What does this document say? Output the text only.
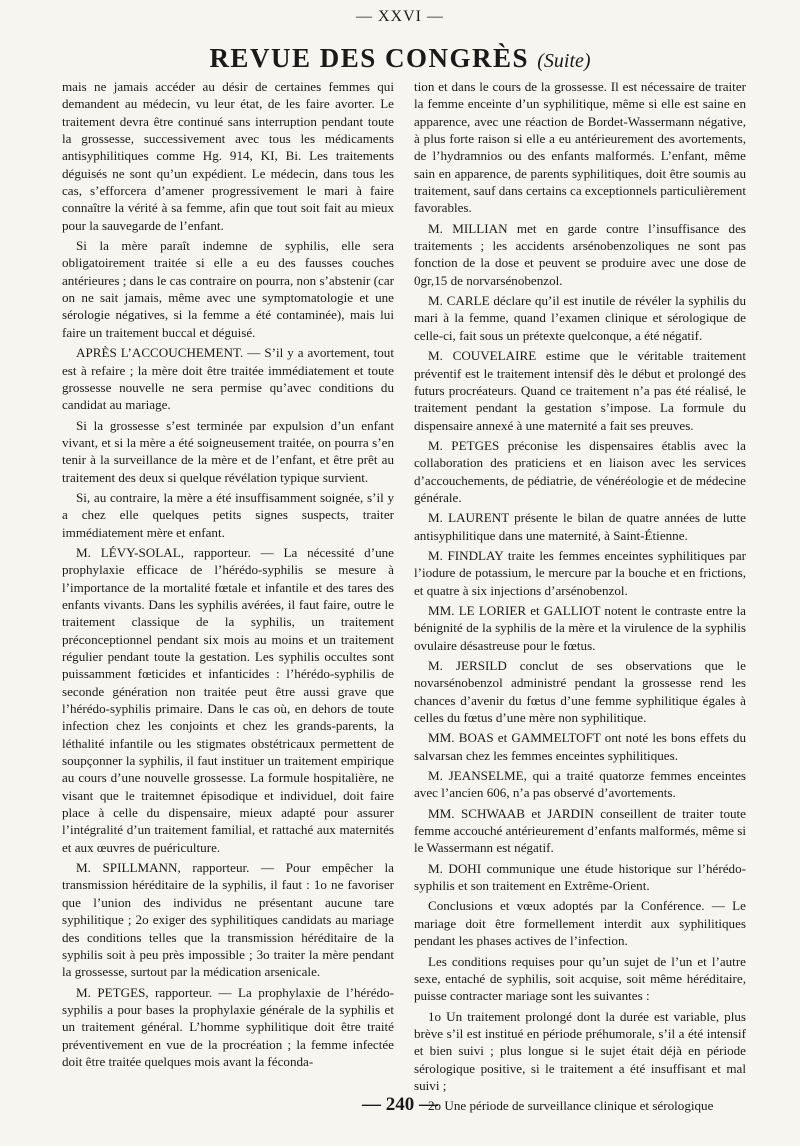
— XXVI —
REVUE DES CONGRÈS (Suite)

mais ne jamais accéder au désir de certaines femmes qui demandent au médecin, vu leur état, de les faire avorter. Le traitement devra être continué sans interruption pendant toute la grossesse, successivement avec tous les médicaments antisyphilitiques comme Hg. 914, KI, Bi. Les traitements déguisés ne sont qu’un expédient. Le médecin, dans tous les cas, s’efforcera d’amener progressivement le mari à faire connaître la vérité à sa femme, afin que tout soit fait au mieux pour la sauvegarde de l’enfant.

Si la mère paraît indemne de syphilis, elle sera obligatoirement traitée si elle a eu des fausses couches antérieures ; dans le cas contraire on pourra, non s’abstenir (car on ne sait jamais, même avec une symptomatologie et une sérologie négatives, si la femme a été contaminée), mais lui faire un traitement buccal et déguisé.

APRÈS L’ACCOUCHEMENT. — S’il y a avortement, tout est à refaire ; la mère doit être traitée immédiatement et toute grossesse nouvelle ne sera permise qu’avec conditions du candidat au mariage.

Si la grossesse s’est terminée par expulsion d’un enfant vivant, et si la mère a été soigneusement traitée, on pourra s’en tenir à la surveillance de la mère et de l’enfant, et être prêt au traitement des deux si quelque révélation typique survient.

Si, au contraire, la mère a été insuffisamment soignée, s’il y a chez elle quelques petits signes suspects, traiter immédiatement mère et enfant.

M. LÉVY-SOLAL, rapporteur. — La nécessité d’une prophylaxie efficace de l’hérédo-syphilis se mesure à l’importance de la mortalité fœtale et infantile et des tares des enfants vivants. Dans les syphilis avérées, il faut faire, outre le traitement classique de la syphilis, un traitement préconceptionnel pendant six mois au moins et un traitement régulier pendant toute la gestation. Les syphilis occultes sont puissamment fœticides et infanticides : l’hérédo-syphilis de seconde génération non traitée peut être aussi grave que l’hérédo-syphilis primaire. Dans le cas où, en dehors de toute infection chez les conjoints et chez les grands-parents, la léthalité infantile ou les stigmates obstétricaux permettent de soupçonner la syphilis, il faut instituer un traitement empirique au cours d’une nouvelle grossesse. La formule hospitalière, ne visant que le traitemnet épisodique et individuel, doit faire place à celle du dispensaire, mieux adapté pour assurer l’intégralité d’un traitement familial, et rattaché aux maternités et aux œuvres de puériculture.

M. SPILLMANN, rapporteur. — Pour empêcher la transmission héréditaire de la syphilis, il faut : 1o ne favoriser que l’union des individus ne présentant aucune tare syphilitique ; 2o exiger des syphilitiques candidats au mariage des conditions telles que la transmission héréditaire de la syphilis soit à peu près impossible ; 3o traiter la mère pendant la grossesse, surtout par la médication arsenicale.

M. PETGES, rapporteur. — La prophylaxie de l’hérédo-syphilis a pour bases la prophylaxie générale de la syphilis et un traitement général. L’homme syphilitique doit être traité préventivement en vue de la procréation ; la femme infectée doit être traitée quelques mois avant la féconda-

tion et dans le cours de la grossesse. Il est nécessaire de traiter la femme enceinte d’un syphilitique, même si elle est saine en apparence, avec une réaction de Bordet-Wassermann négative, à plus forte raison si elle a eu antérieurement des avortements, de l’hydramnios ou des enfants malformés. L’enfant, même sain en apparence, de parents syphilitiques, doit être soumis au traitement, sauf dans certains ca exceptionnels particulièrement favorables.

M. MILLIAN met en garde contre l’insuffisance des traitements ; les accidents arsénobenzoliques ne sont pas fonction de la dose et peuvent se produire avec une dose de 0gr,15 de norvarsénobenzol.

M. CARLE déclare qu’il est inutile de révéler la syphilis du mari à la femme, quand l’examen clinique et sérologique de celle-ci, fait sous un prétexte quelconque, a été négatif.

M. COUVELAIRE estime que le véritable traitement préventif est le traitement intensif dès le début et prolongé des futurs procréateurs. Quand ce traitement n’a pas été réalisé, le traitement pendant la gestation s’impose. La formule du dispensaire annexé à une maternité a fait ses preuves.

M. PETGES préconise les dispensaires établis avec la collaboration des praticiens et en liaison avec les services d’accouchements, de pédiatrie, de vénéréologie et de médecine générale.

M. LAURENT présente le bilan de quatre années de lutte antisyphilitique dans une maternité, à Saint-Étienne.

M. FINDLAY traite les femmes enceintes syphilitiques par l’iodure de potassium, le mercure par la bouche et en frictions, et quatre à six injections d’arsénobenzol.

MM. LE LORIER et GALLIOT notent le contraste entre la bénignité de la syphilis de la mère et la virulence de la syphilis ovulaire désastreuse pour le fœtus.

M. JERSILD conclut de ses observations que le novarsénobenzol administré pendant la grossesse rend les chances d’avenir du fœtus d’une femme syphilitique égales à celles du fœtus d’une mère non syphilitique.

MM. BOAS et GAMMELTOFT ont noté les bons effets du salvarsan chez les femmes enceintes syphilitiques.

M. JEANSELME, qui a traité quatorze femmes enceintes avec l’ancien 606, n’a pas observé d’avortements.

MM. SCHWAAB et JARDIN conseillent de traiter toute femme accouché antérieurement d’enfants malformés, même si le Wassermann est négatif.

M. DOHI communique une étude historique sur l’hérédo-syphilis et son traitement en Extrême-Orient.

Conclusions et vœux adoptés par la Conférence. — Le mariage doit être formellement interdit aux syphilitiques pendant les phases actives de l’infection.

Les conditions requises pour qu’un sujet de l’un et l’autre sexe, entaché de syphilis, soit acquise, soit même héréditaire, puisse contracter mariage sont les suivantes :

1o Un traitement prolongé dont la durée est variable, plus brève s’il est institué en période préhumorale, s’il a été intensif et bien suivi ; plus longue si le sujet était déjà en période sérologique positive, si le traitement a été insuffisant et mal suivi ;

2o Une période de surveillance clinique et sérologique

— 240 —
